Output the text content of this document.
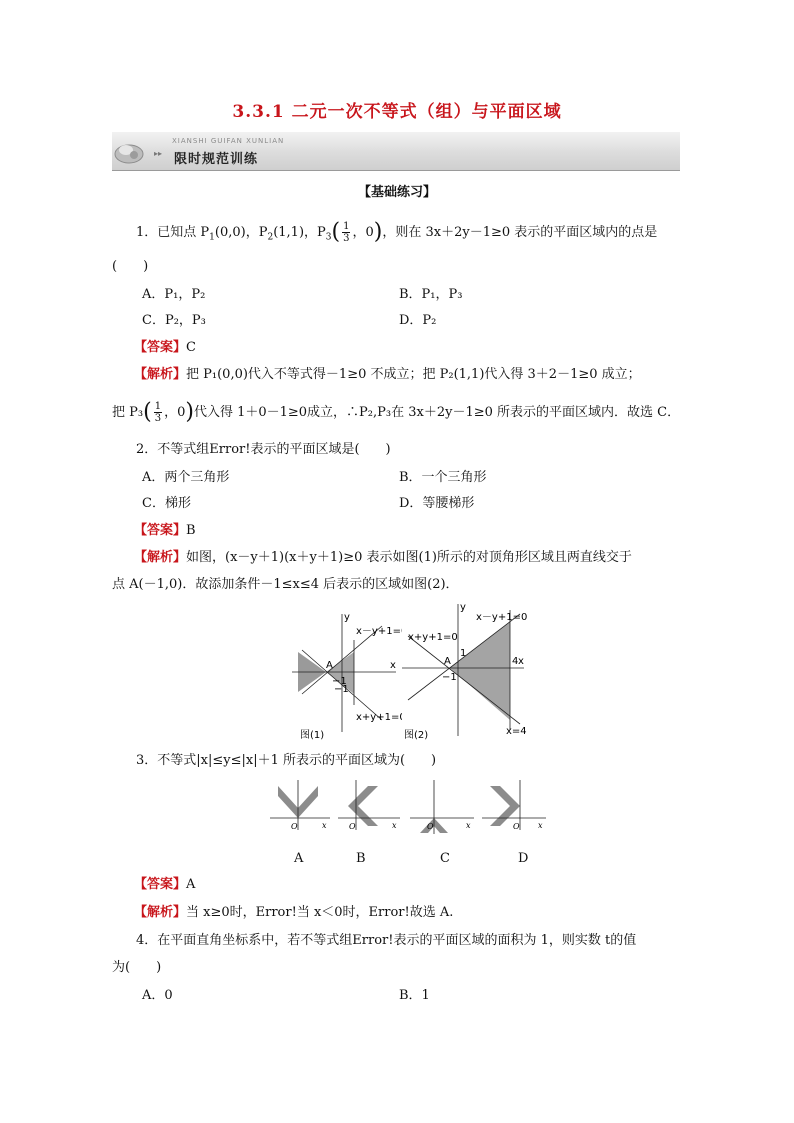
3.3.1 二元一次不等式（组）与平面区域
XIANSHI GUIFAN XUNLIAN
▸▸ 限时规范训练
【基础练习】
1．已知点 $P_1(0,0)$，$P_2(1,1)$，$P_3( \frac{1}{3}$ ，0)，则在 3x＋2y－1≥0 表示的平面区域内的点是
(　　)
A．P₁，P₂	B．P₁，P₃
C．P₂，P₃	D．P₂
【答案】C
【解析】把 P₁(0,0)代入不等式得－1≥0 不成立；把 P₂(1,1)代入得 3＋2－1≥0 成立；
把 $P_3( \frac{1}{3}$ ，0)代入得 1＋0－1≥0成立，∴P₂,P₃在 3x＋2y－1≥0 所表示的平面区域内．故选 C．
2．不等式组Error!表示的平面区域是(　　)
A．两个三角形	B．一个三角形
C．梯形	D．等腰梯形
【答案】B
【解析】如图，(x－y＋1)(x＋y＋1)≥0 表示如图(1)所示的对顶角形区域且两直线交于
点 A(－1,0)．故添加条件－1≤x≤4 后表示的区域如图(2)．
y
x
A
−1
−1
x－y+1=0
x+y+1=0
图(1)
y
x
A
−1
1
4
x+y+1=0
x－y+1=0
x=4
图(2)
3．不等式|x|≤y≤|x|＋1 所表示的平面区域为(　　)
O	x	O	x	O	x	O x
A	B	C	D
【答案】A
【解析】当 x≥0时，Error!当 x＜0时，Error!故选 A.
4．在平面直角坐标系中，若不等式组Error!表示的平面区域的面积为 1，则实数 t的值
为(　　)
A．0	B．1
